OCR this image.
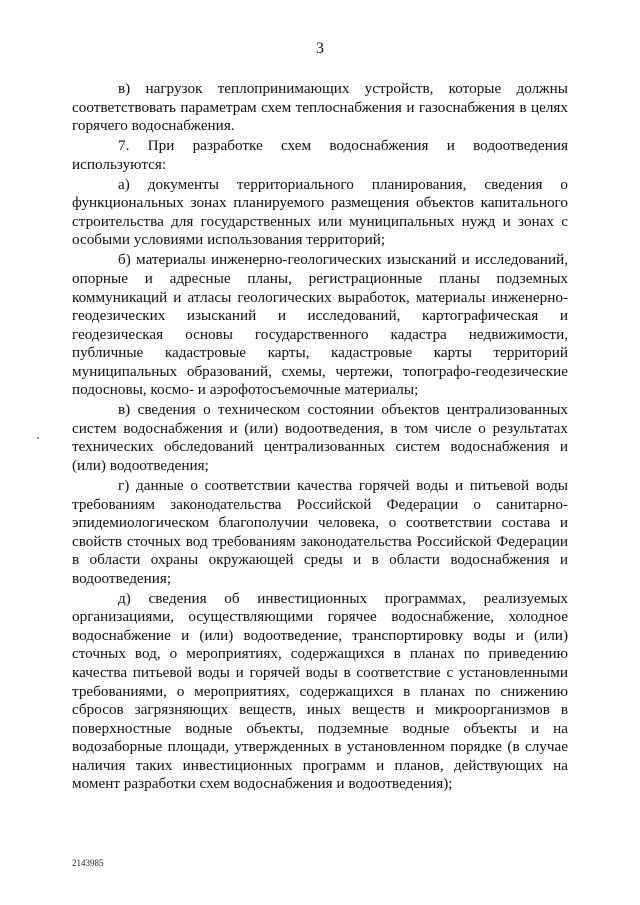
3

в) нагрузок теплопринимающих устройств, которые должны соответствовать параметрам схем теплоснабжения и газоснабжения в целях горячего водоснабжения.

7. При разработке схем водоснабжения и водоотведения используются:

а) документы территориального планирования, сведения о функциональных зонах планируемого размещения объектов капитального строительства для государственных или муниципальных нужд и зонах с особыми условиями использования территорий;

б) материалы инженерно-геологических изысканий и исследований, опорные и адресные планы, регистрационные планы подземных коммуникаций и атласы геологических выработок, материалы инженерно-геодезических изысканий и исследований, картографическая и геодезическая основы государственного кадастра недвижимости, публичные кадастровые карты, кадастровые карты территорий муниципальных образований, схемы, чертежи, топографо-геодезические подосновы, космо- и аэрофотосъемочные материалы;

в) сведения о техническом состоянии объектов централизованных систем водоснабжения и (или) водоотведения, в том числе о результатах технических обследований централизованных систем водоснабжения и (или) водоотведения;

г) данные о соответствии качества горячей воды и питьевой воды требованиям законодательства Российской Федерации о санитарно-эпидемиологическом благополучии человека, о соответствии состава и свойств сточных вод требованиям законодательства Российской Федерации в области охраны окружающей среды и в области водоснабжения и водоотведения;

д) сведения об инвестиционных программах, реализуемых организациями, осуществляющими горячее водоснабжение, холодное водоснабжение и (или) водоотведение, транспортировку воды и (или) сточных вод, о мероприятиях, содержащихся в планах по приведению качества питьевой воды и горячей воды в соответствие с установленными требованиями, о мероприятиях, содержащихся в планах по снижению сбросов загрязняющих веществ, иных веществ и микроорганизмов в поверхностные водные объекты, подземные водные объекты и на водозаборные площади, утвержденных в установленном порядке (в случае наличия таких инвестиционных программ и планов, действующих на момент разработки схем водоснабжения и водоотведения);

2143985
